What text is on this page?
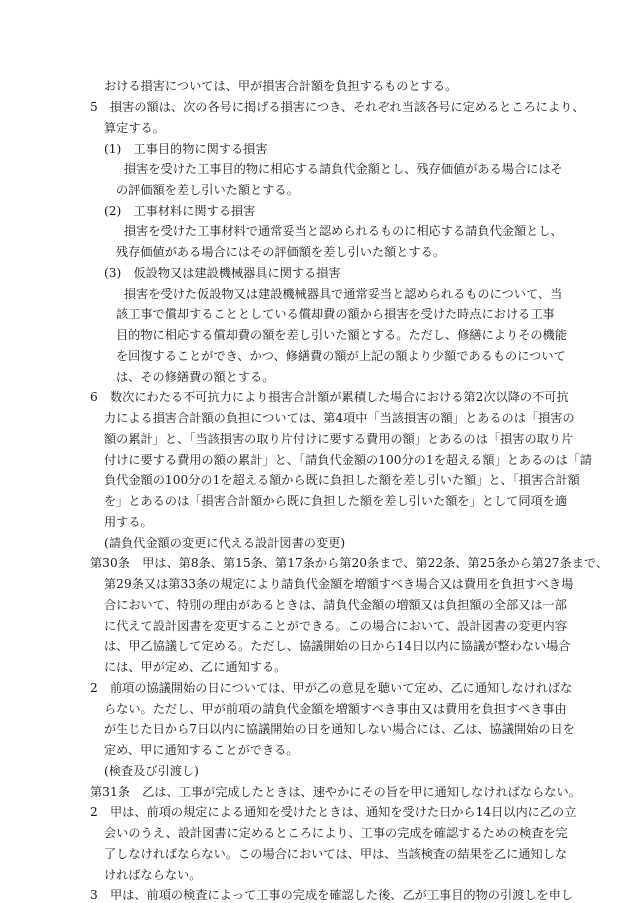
おける損害については、甲が損害合計額を負担するものとする。

5　損害の額は、次の各号に掲げる損害につき、それぞれ当該各号に定めるところにより、

算定する。

(1)　工事目的物に関する損害

損害を受けた工事目的物に相応する請負代金額とし、残存価値がある場合にはそ

の評価額を差し引いた額とする。

(2)　工事材料に関する損害

損害を受けた工事材料で通常妥当と認められるものに相応する請負代金額とし、

残存価値がある場合にはその評価額を差し引いた額とする。

(3)　仮設物又は建設機械器具に関する損害

損害を受けた仮設物又は建設機械器具で通常妥当と認められるものについて、当

該工事で償却することとしている償却費の額から損害を受けた時点における工事

目的物に相応する償却費の額を差し引いた額とする。ただし、修繕によりその機能

を回復することができ、かつ、修繕費の額が上記の額より少額であるものについて

は、その修繕費の額とする。

6　数次にわたる不可抗力により損害合計額が累積した場合における第2次以降の不可抗

力による損害合計額の負担については、第4項中「当該損害の額」とあるのは「損害の

額の累計」と、「当該損害の取り片付けに要する費用の額」とあるのは「損害の取り片

付けに要する費用の額の累計」と、「請負代金額の100分の1を超える額」とあるのは「請

負代金額の100分の1を超える額から既に負担した額を差し引いた額」と、「損害合計額

を」とあるのは「損害合計額から既に負担した額を差し引いた額を」として同項を適

用する。

(請負代金額の変更に代える設計図書の変更)

第30条　甲は、第8条、第15条、第17条から第20条まで、第22条、第25条から第27条まで、

第29条又は第33条の規定により請負代金額を増額すべき場合又は費用を負担すべき場

合において、特別の理由があるときは、請負代金額の増額又は負担額の全部又は一部

に代えて設計図書を変更することができる。この場合において、設計図書の変更内容

は、甲乙協議して定める。ただし、協議開始の日から14日以内に協議が整わない場合

には、甲が定め、乙に通知する。

2　前項の協議開始の日については、甲が乙の意見を聴いて定め、乙に通知しなければな

らない。ただし、甲が前項の請負代金額を増額すべき事由又は費用を負担すべき事由

が生じた日から7日以内に協議開始の日を通知しない場合には、乙は、協議開始の日を

定め、甲に通知することができる。

(検査及び引渡し)

第31条　乙は、工事が完成したときは、速やかにその旨を甲に通知しなければならない。

2　甲は、前項の規定による通知を受けたときは、通知を受けた日から14日以内に乙の立

会いのうえ、設計図書に定めるところにより、工事の完成を確認するための検査を完

了しなければならない。この場合においては、甲は、当該検査の結果を乙に通知しな

ければならない。

3　甲は、前項の検査によって工事の完成を確認した後、乙が工事目的物の引渡しを申し
